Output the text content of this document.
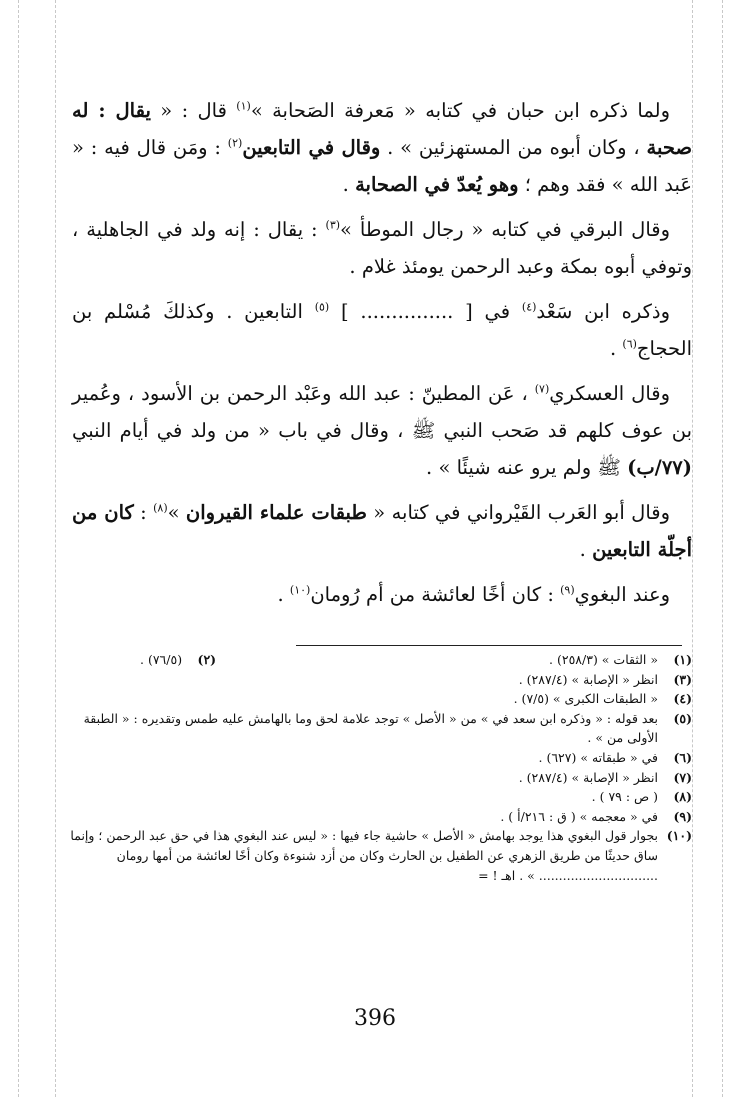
ولما ذكره ابن حبان في كتابه « مَعرفة الصَحابة »$^{(١)}$ قال : « يقال : له صحبة ، وكان أبوه من المستهزئين » . وقال في التابعين$^{(٢)}$ : ومَن قال فيه : « عَبد الله » فقد وهم ؛ وهو يُعدّ في الصحابة .

وقال البرقي في كتابه « رجال الموطأ »$^{(٣)}$ : يقال : إنه ولد في الجاهلية ، وتوفي أبوه بمكة وعبد الرحمن يومئذ غلام .

وذكره ابن سَعْد$^{(٤)}$ في [ ............... ] $^{(٥)}$ التابعين . وكذلكَ مُسْلم بن الحجاج$^{(٦)}$ .

وقال العسكري$^{(٧)}$ ، عَن المطينّ : عبد الله وعَبْد الرحمن بن الأسود ، وعُمير بن عوف كلهم قد صَحب النبي ﷺ ، وقال في باب « من ولد في أيام النبي (٧٧/ب) ﷺ ولم يرو عنه شيئًا » .

وقال أبو العَرب القَيْرواني في كتابه « طبقات علماء القيروان »$^{(٨)}$ : كان من أجلّة التابعين .

وعند البغوي$^{(٩)}$ : كان أخًا لعائشة من أم رُومان$^{(١٠)}$ .

(١)
« الثقات » (٢٥٨/٣) .
(٢)
(٧٦/٥) .
(٣)
انظر « الإصابة » (٢٨٧/٤) .
(٤)
« الطبقات الكبرى » (٧/٥) .
(٥)
بعد قوله : « وذكره ابن سعد في » من « الأصل » توجد علامة لحق وما بالهامش عليه طمس وتقديره : « الطبقة الأولى من » .
(٦)
في « طبقاته » (٦٢٧) .
(٧)
انظر « الإصابة » (٢٨٧/٤) .
(٨)
( ص : ٧٩ ) .
(٩)
في « معجمه » ( ق : ٢١٦/أ ) .
(١٠)
بجوار قول البغوي هذا يوجد بهامش « الأصل » حاشية جاء فيها : « ليس عند البغوي هذا في حق عبد الرحمن ؛ وإنما ساق حديثًا من طريق الزهري عن الطفيل بن الحارث وكان من أزد شنوءة وكان أخًا لعائشة من أمها رومان .............................. » . اهـ ! =
396
